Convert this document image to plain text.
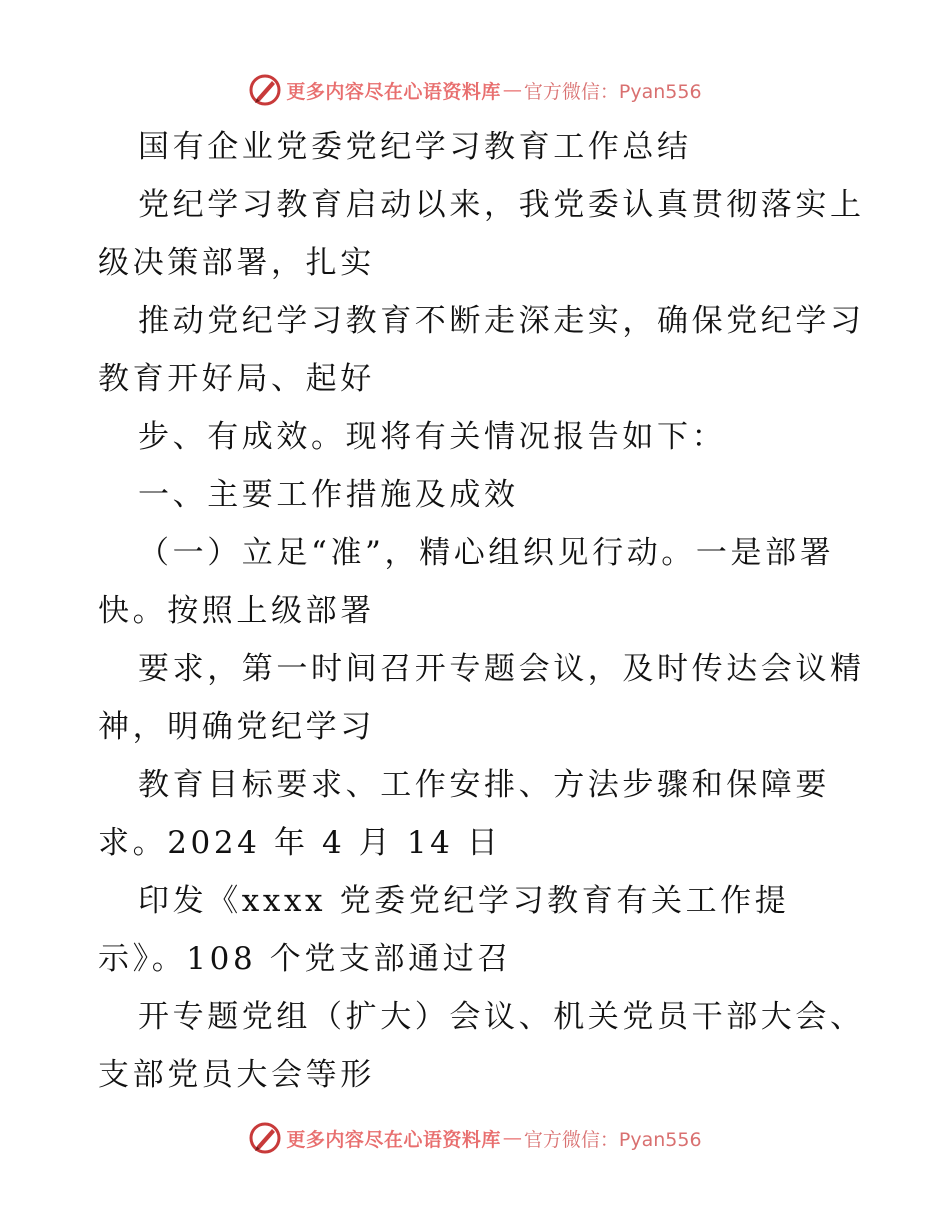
更多内容尽在心语资料库 — 官方微信：Pyan556
国有企业党委党纪学习教育工作总结
党纪学习教育启动以来，我党委认真贯彻落实上
级决策部署，扎实
推动党纪学习教育不断走深走实，确保党纪学习
教育开好局、起好
步、有成效。现将有关情况报告如下：
一、主要工作措施及成效
（一）立足“准”，精心组织见行动。一是部署
快。按照上级部署
要求，第一时间召开专题会议，及时传达会议精
神，明确党纪学习
教育目标要求、工作安排、方法步骤和保障要
求。2024 年 4 月 14 日
印发《xxxx 党委党纪学习教育有关工作提
示》。108 个党支部通过召
开专题党组（扩大）会议、机关党员干部大会、
支部党员大会等形
更多内容尽在心语资料库 — 官方微信：Pyan556
